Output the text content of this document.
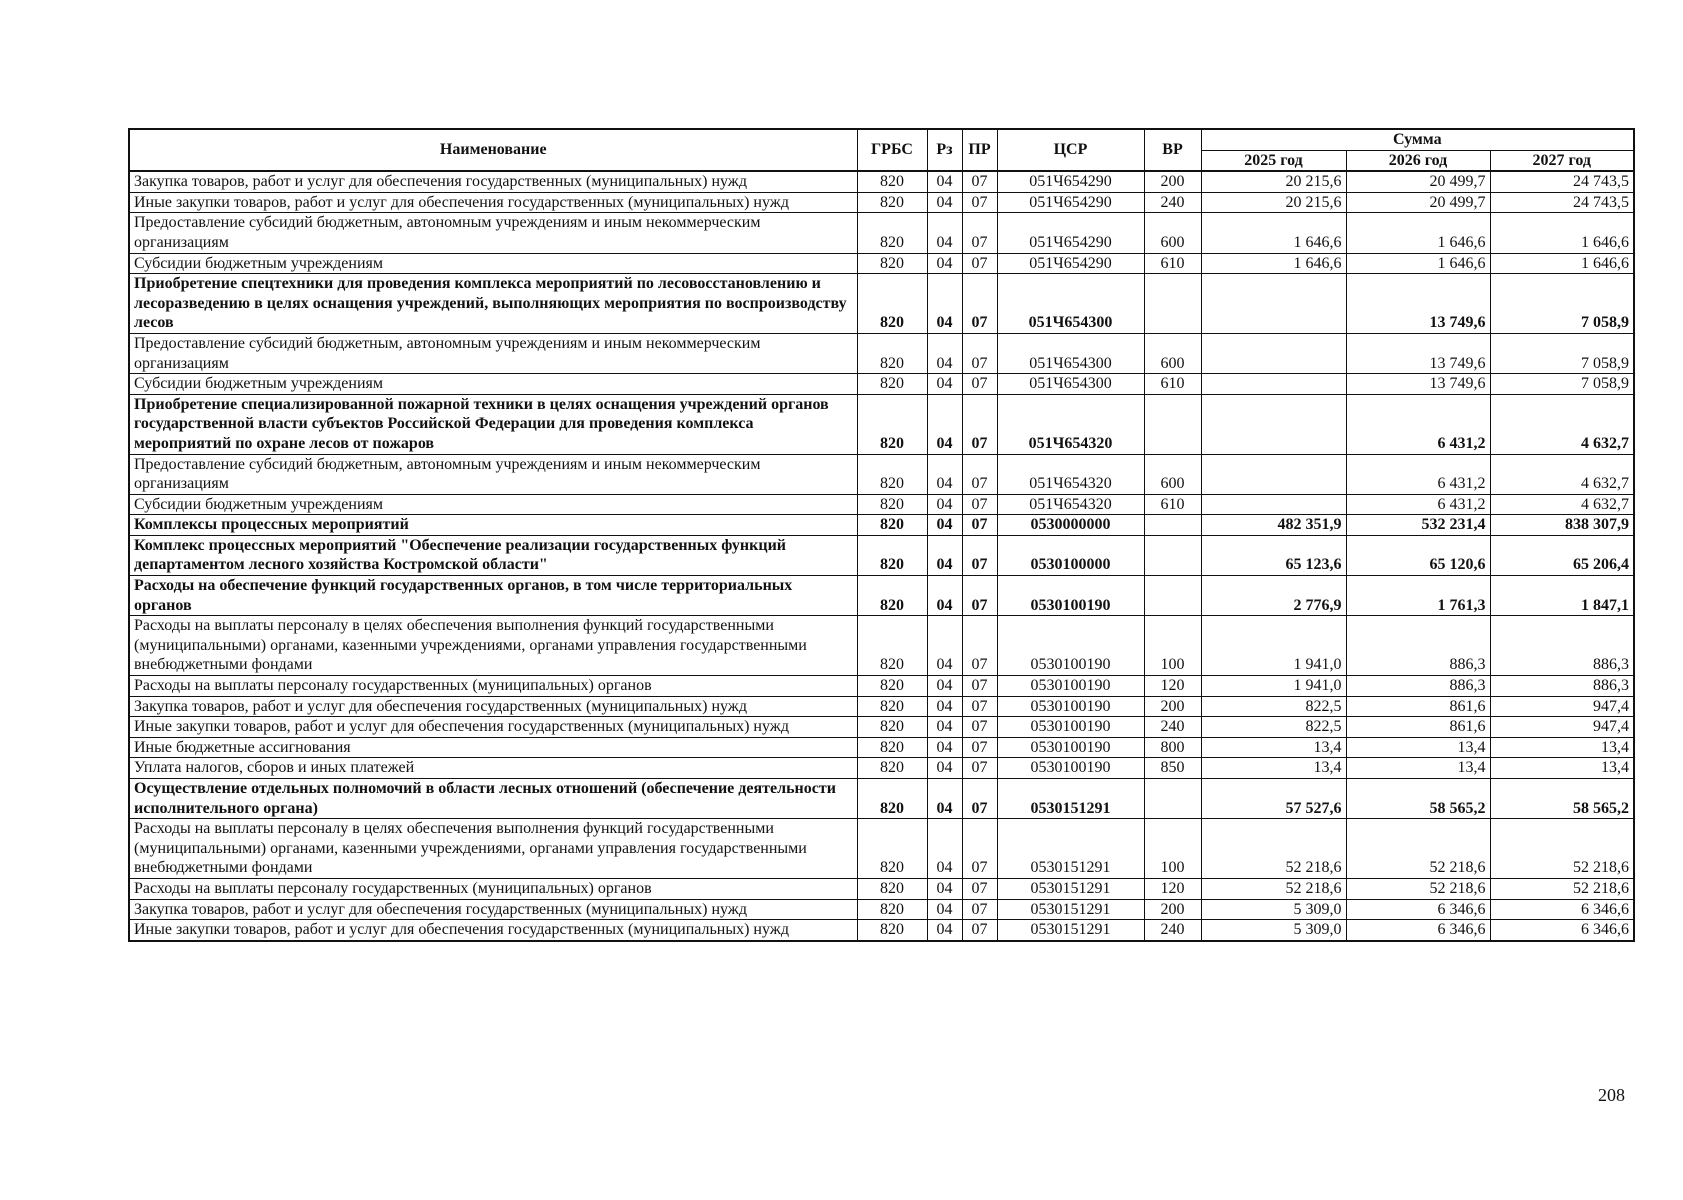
Наименование	ГРБС	Рз	ПР	ЦСР	ВР	Сумма		
						2025 год	2026 год	2027 год
Закупка товаров, работ и услуг для обеспечения государственных (муниципальных) нужд	820	04	07	051Ч654290	200	20 215,6	20 499,7	24 743,5
Иные закупки товаров, работ и услуг для обеспечения государственных (муниципальных) нужд	820	04	07	051Ч654290	240	20 215,6	20 499,7	24 743,5
Предоставление субсидий бюджетным, автономным учреждениям и иным некоммерческим организациям	820	04	07	051Ч654290	600	1 646,6	1 646,6	1 646,6
Субсидии бюджетным учреждениям	820	04	07	051Ч654290	610	1 646,6	1 646,6	1 646,6
Приобретение спецтехники для проведения комплекса мероприятий по лесовосстановлению и лесоразведению в целях оснащения учреждений, выполняющих мероприятия по воспроизводству лесов	820	04	07	051Ч654300			13 749,6	7 058,9
Предоставление субсидий бюджетным, автономным учреждениям и иным некоммерческим организациям	820	04	07	051Ч654300	600		13 749,6	7 058,9
Субсидии бюджетным учреждениям	820	04	07	051Ч654300	610		13 749,6	7 058,9
Приобретение специализированной пожарной техники в целях оснащения учреждений органов государственной власти субъектов Российской Федерации для проведения комплекса мероприятий по охране лесов от пожаров	820	04	07	051Ч654320			6 431,2	4 632,7
Предоставление субсидий бюджетным, автономным учреждениям и иным некоммерческим организациям	820	04	07	051Ч654320	600		6 431,2	4 632,7
Субсидии бюджетным учреждениям	820	04	07	051Ч654320	610		6 431,2	4 632,7
Комплексы процессных мероприятий	820	04	07	0530000000		482 351,9	532 231,4	838 307,9
Комплекс процессных мероприятий "Обеспечение реализации государственных функций департаментом лесного хозяйства Костромской области"	820	04	07	0530100000		65 123,6	65 120,6	65 206,4
Расходы на обеспечение функций государственных органов, в том числе территориальных органов	820	04	07	0530100190		2 776,9	1 761,3	1 847,1
Расходы на выплаты персоналу в целях обеспечения выполнения функций государственными (муниципальными) органами, казенными учреждениями, органами управления государственными внебюджетными фондами	820	04	07	0530100190	100	1 941,0	886,3	886,3
Расходы на выплаты персоналу государственных (муниципальных) органов	820	04	07	0530100190	120	1 941,0	886,3	886,3
Закупка товаров, работ и услуг для обеспечения государственных (муниципальных) нужд	820	04	07	0530100190	200	822,5	861,6	947,4
Иные закупки товаров, работ и услуг для обеспечения государственных (муниципальных) нужд	820	04	07	0530100190	240	822,5	861,6	947,4
Иные бюджетные ассигнования	820	04	07	0530100190	800	13,4	13,4	13,4
Уплата налогов, сборов и иных платежей	820	04	07	0530100190	850	13,4	13,4	13,4
Осуществление отдельных полномочий в области лесных отношений (обеспечение деятельности исполнительного органа)	820	04	07	0530151291		57 527,6	58 565,2	58 565,2
Расходы на выплаты персоналу в целях обеспечения выполнения функций государственными (муниципальными) органами, казенными учреждениями, органами управления государственными внебюджетными фондами	820	04	07	0530151291	100	52 218,6	52 218,6	52 218,6
Расходы на выплаты персоналу государственных (муниципальных) органов	820	04	07	0530151291	120	52 218,6	52 218,6	52 218,6
Закупка товаров, работ и услуг для обеспечения государственных (муниципальных) нужд	820	04	07	0530151291	200	5 309,0	6 346,6	6 346,6
Иные закупки товаров, работ и услуг для обеспечения государственных (муниципальных) нужд	820	04	07	0530151291	240	5 309,0	6 346,6	6 346,6
208
